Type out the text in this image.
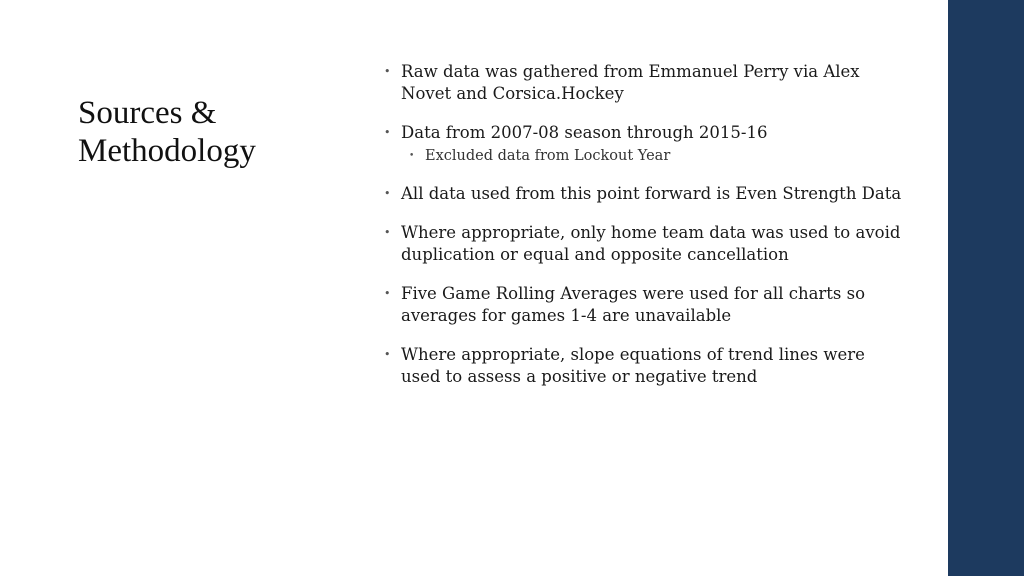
Sources & Methodology
• Raw data was gathered from Emmanuel Perry via Alex Novet and Corsica.Hockey
• Data from 2007-08 season through 2015-16
• Excluded data from Lockout Year
• All data used from this point forward is Even Strength Data
• Where appropriate, only home team data was used to avoid duplication or equal and opposite cancellation
• Five Game Rolling Averages were used for all charts so averages for games 1-4 are unavailable
• Where appropriate, slope equations of trend lines were used to assess a positive or negative trend
